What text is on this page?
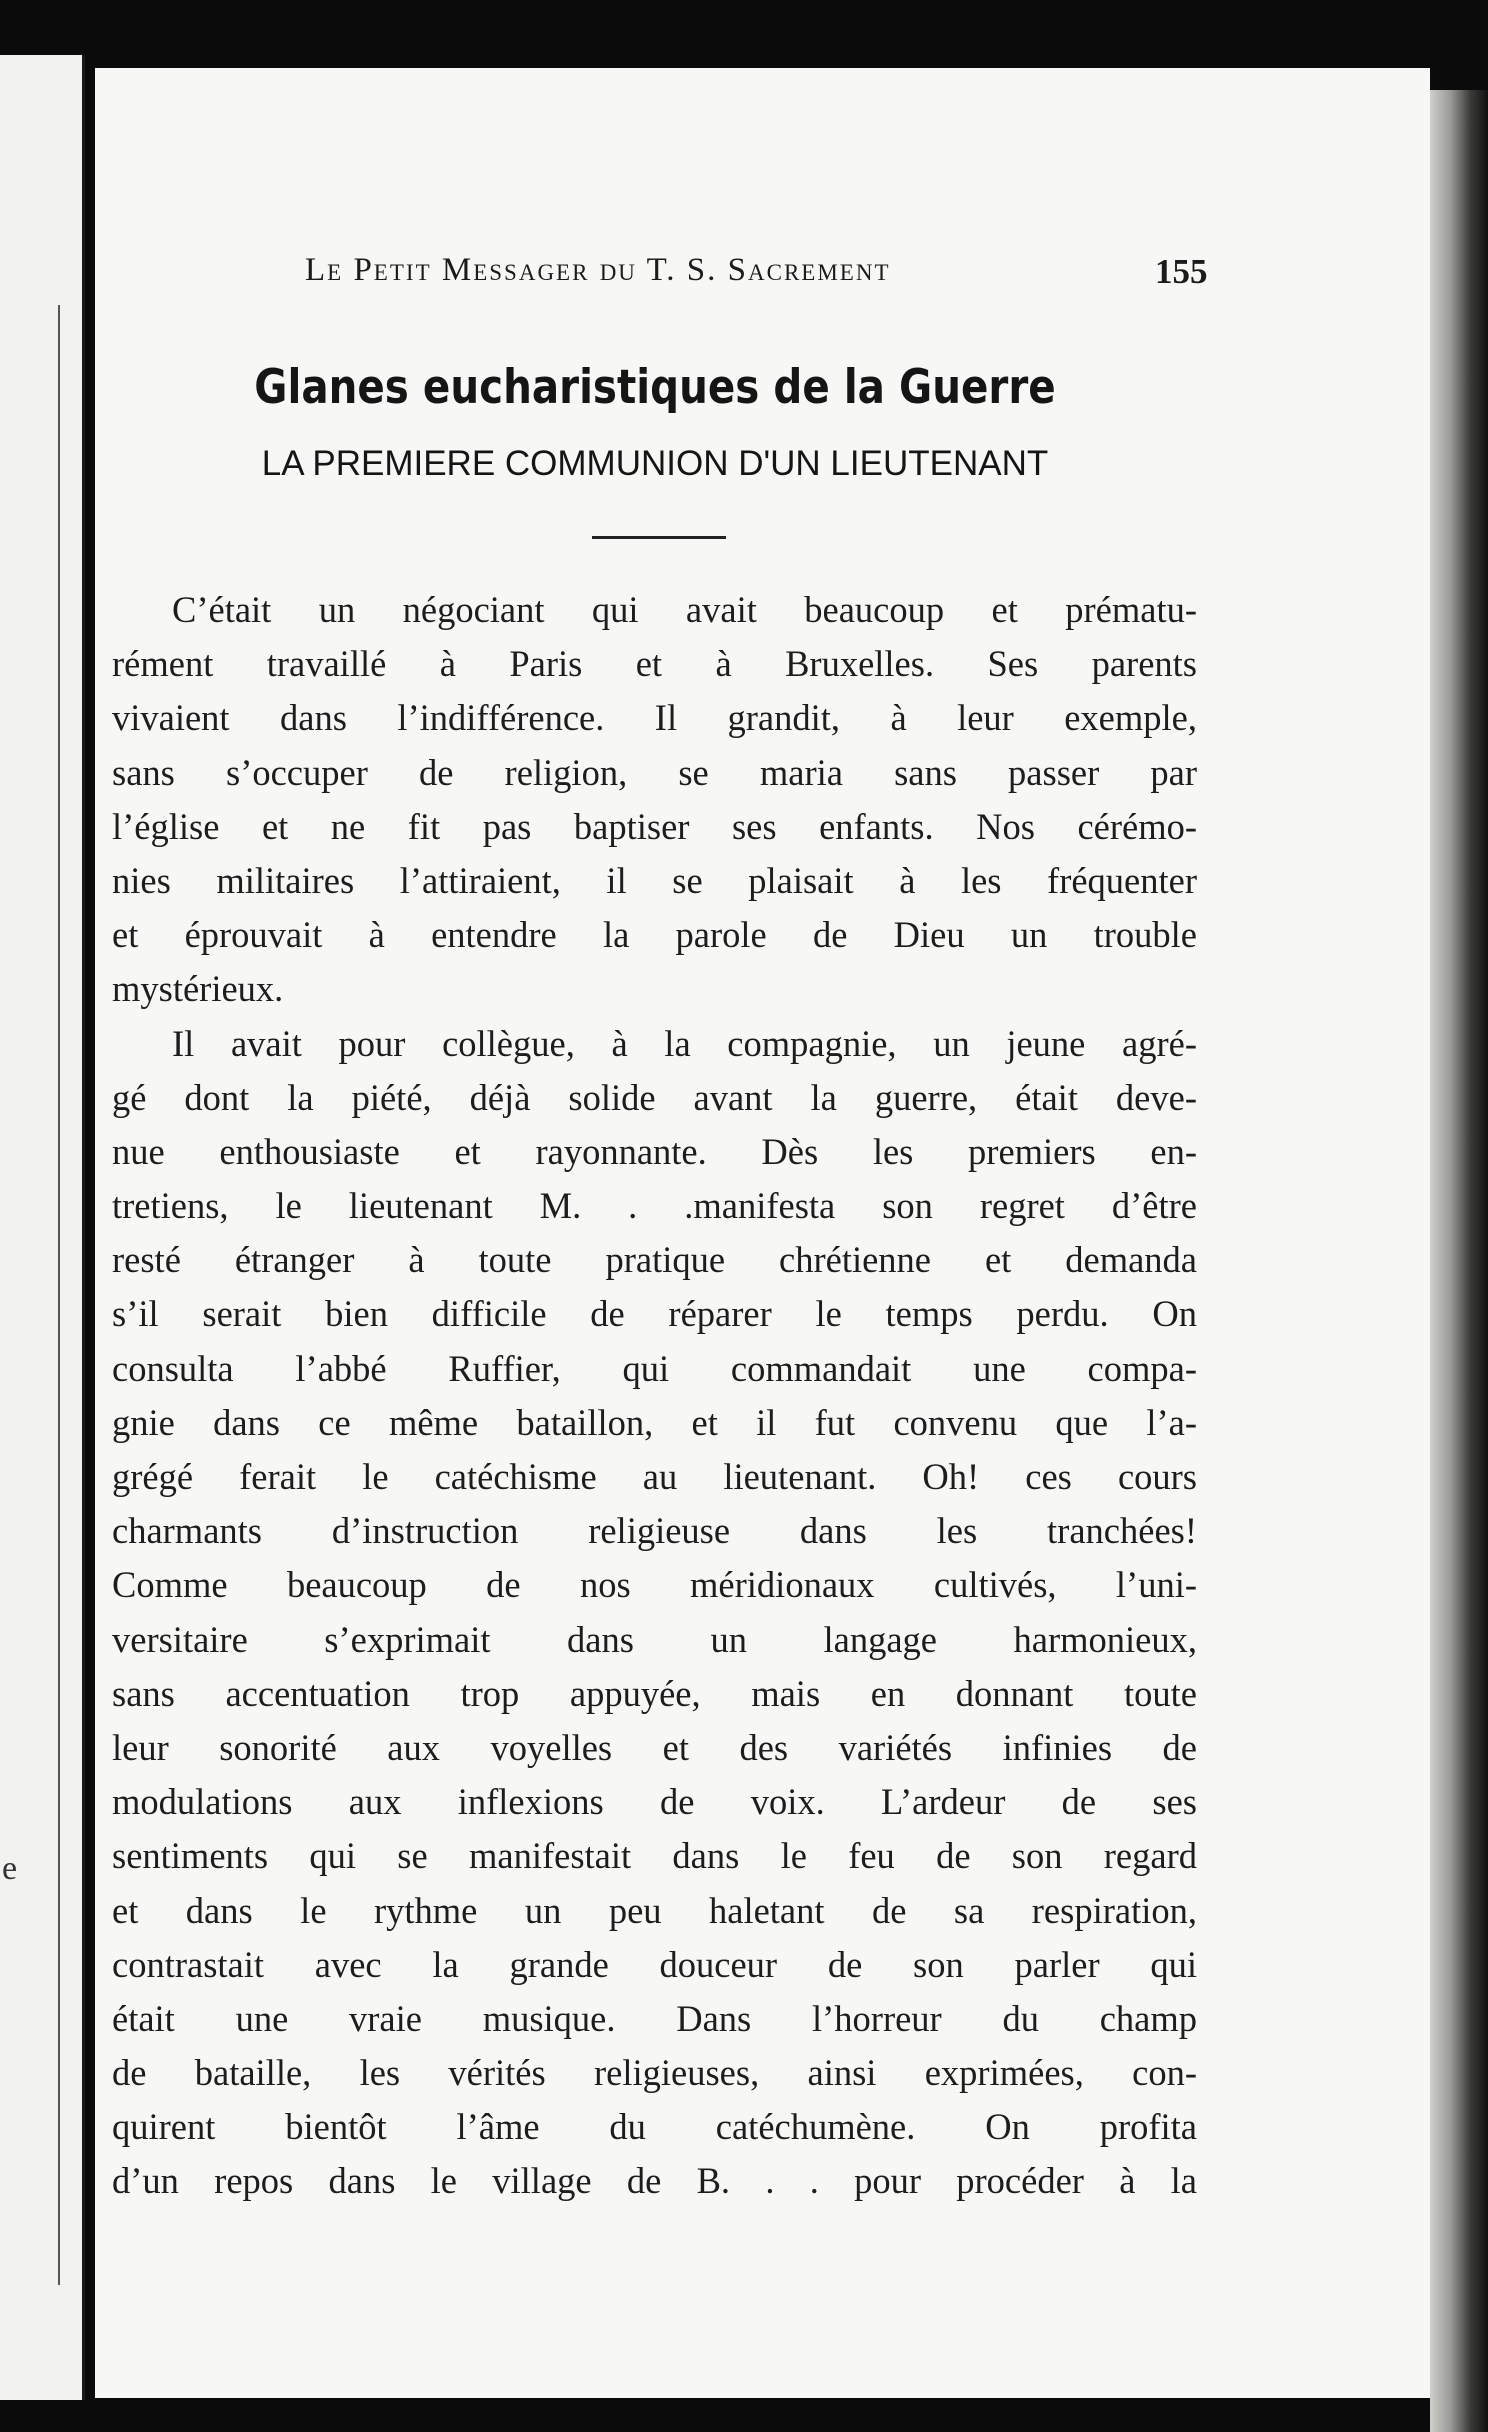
e
Le Petit Messager du T. S. Sacrement	155
Glanes eucharistiques de la Guerre
LA PREMIERE COMMUNION D'UN LIEUTENANT
C’était un négociant qui avait beaucoup et prématu-
rément travaillé à Paris et à Bruxelles. Ses parents
vivaient dans l’indifférence. Il grandit, à leur exemple,
sans s’occuper de religion, se maria sans passer par
l’église et ne fit pas baptiser ses enfants. Nos cérémo-
nies militaires l’attiraient, il se plaisait à les fréquenter
et éprouvait à entendre la parole de Dieu un trouble
mystérieux.
Il avait pour collègue, à la compagnie, un jeune agré-
gé dont la piété, déjà solide avant la guerre, était deve-
nue enthousiaste et rayonnante. Dès les premiers en-
tretiens, le lieutenant M. . .manifesta son regret d’être
resté étranger à toute pratique chrétienne et demanda
s’il serait bien difficile de réparer le temps perdu. On
consulta l’abbé Ruffier, qui commandait une compa-
gnie dans ce même bataillon, et il fut convenu que l’a-
grégé ferait le catéchisme au lieutenant. Oh! ces cours
charmants d’instruction religieuse dans les tranchées!
Comme beaucoup de nos méridionaux cultivés, l’uni-
versitaire s’exprimait dans un langage harmonieux,
sans accentuation trop appuyée, mais en donnant toute
leur sonorité aux voyelles et des variétés infinies de
modulations aux inflexions de voix. L’ardeur de ses
sentiments qui se manifestait dans le feu de son regard
et dans le rythme un peu haletant de sa respiration,
contrastait avec la grande douceur de son parler qui
était une vraie musique. Dans l’horreur du champ
de bataille, les vérités religieuses, ainsi exprimées, con-
quirent bientôt l’âme du catéchumène. On profita
d’un repos dans le village de B. . . pour procéder à la
